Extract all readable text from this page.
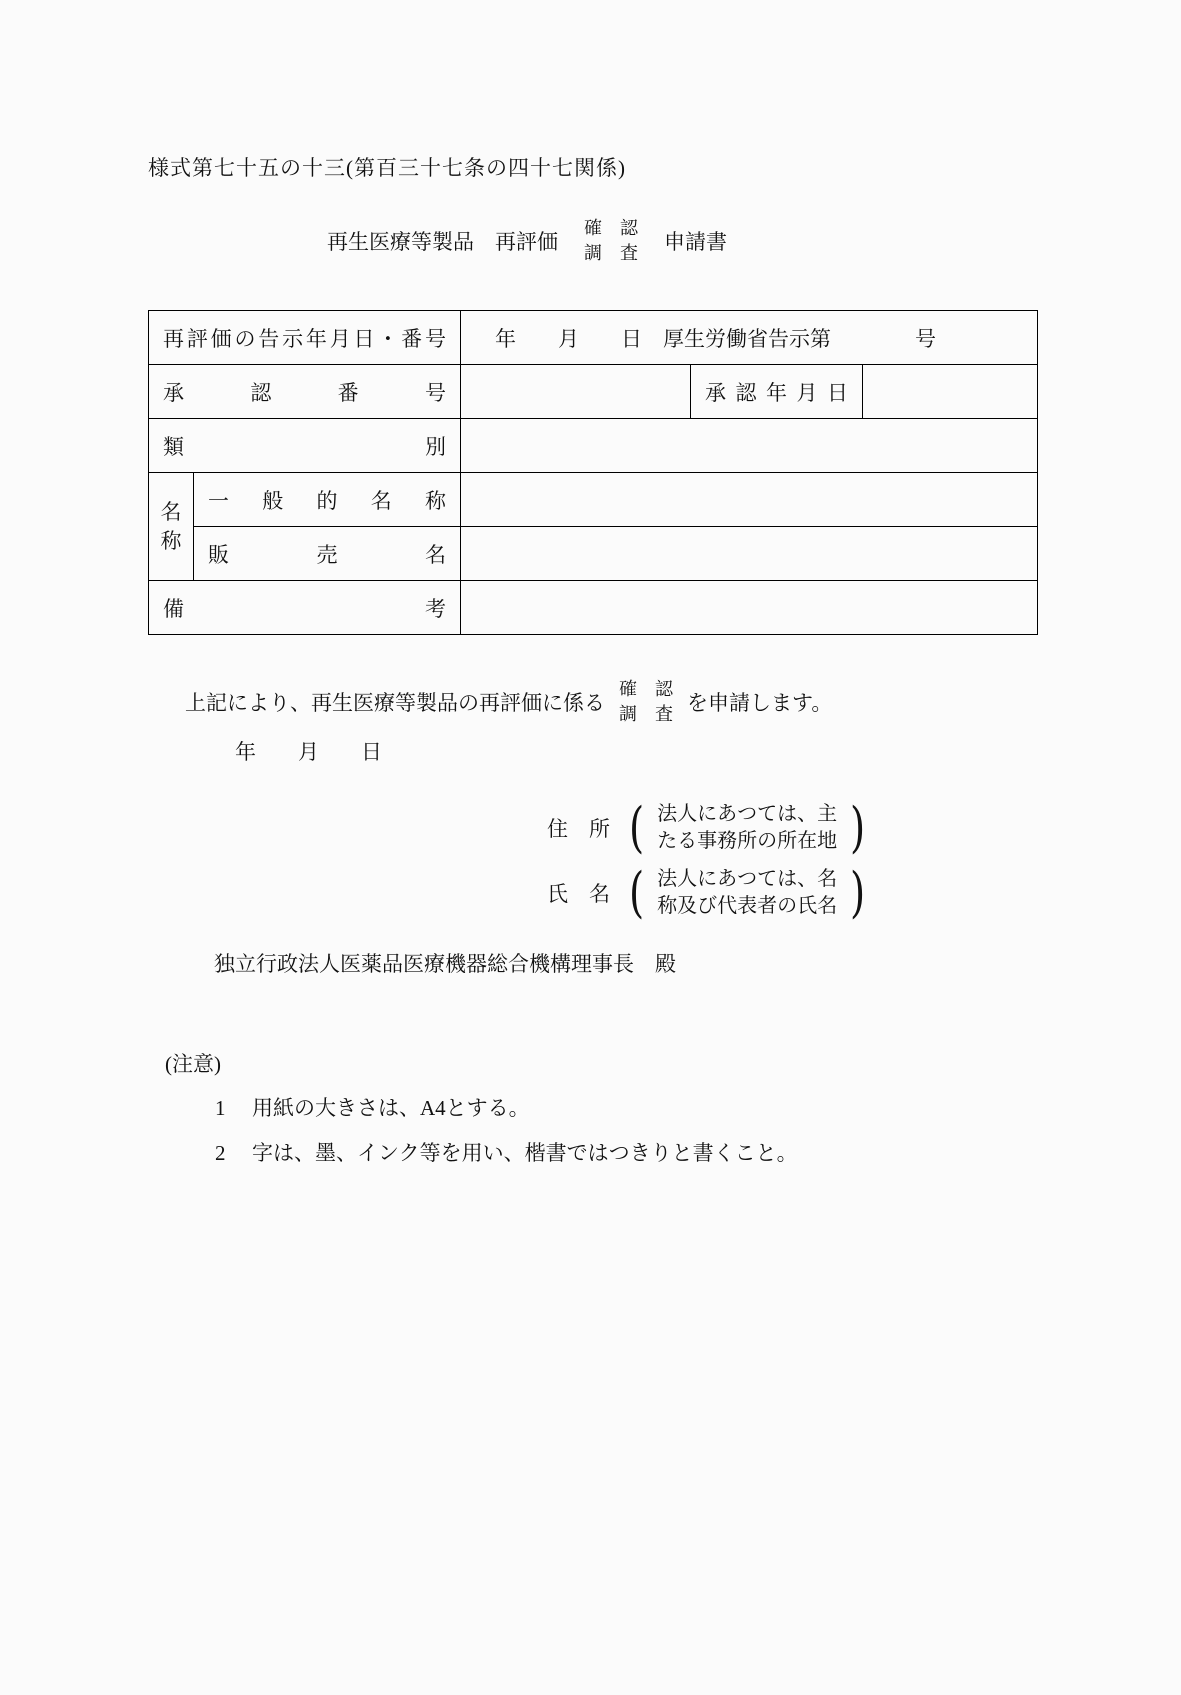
様式第七十五の十三(第百三十七条の四十七関係)
再生医療等製品　再評価
確　認
調　査 申請書
再評価の告示年月日・番号		年　　月　　日　厚生労働省告示第　　　　号		
承認番号			承認年月日	
類別				
名称	一般的名称			
	販売名			
備考				
上記により、再生医療等製品の再評価に係る
確　認
調　査 を申請します。
年　　月　　日
住　所 ( 法人にあつては、主
たる事務所の所在地 )
氏　名 ( 法人にあつては、名
称及び代表者の氏名 )
独立行政法人医薬品医療機器総合機構理事長　殿
(注意)
1 用紙の大きさは、A4とする。
2 字は、墨、インク等を用い、楷書ではつきりと書くこと。
